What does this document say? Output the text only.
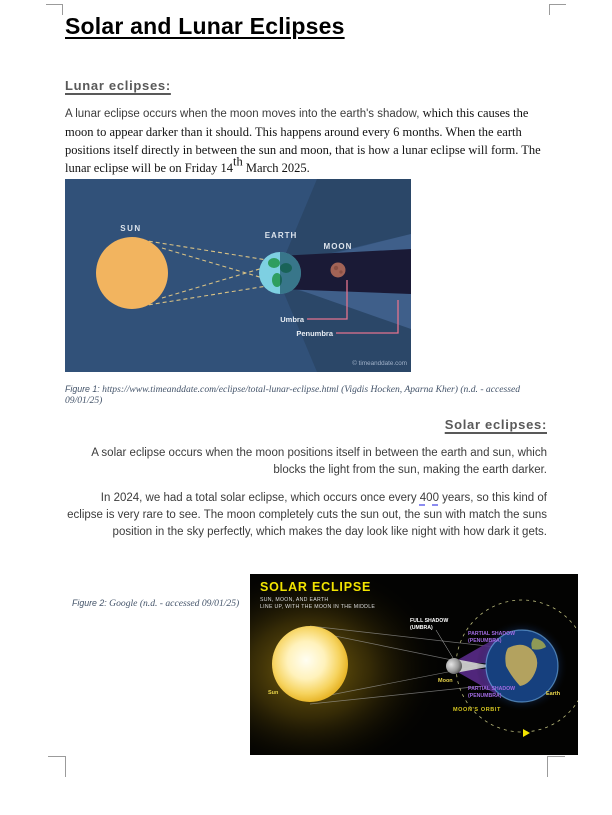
Solar and Lunar Eclipses
Lunar eclipses:
A lunar eclipse occurs when the moon moves into the earth's shadow, which this causes the moon to appear darker than it should. This happens around every 6 months. When the earth positions itself directly in between the sun and moon, that is how a lunar eclipse will form. The lunar eclipse will be on Friday 14th March 2025.
SUN
EARTH
MOON
Umbra
Penumbra
© timeanddate.com
Figure 1: https://www.timeanddate.com/eclipse/total-lunar-eclipse.html (Vigdis Hocken, Aparna Kher) (n.d. - accessed 09/01/25)
Solar eclipses:
A solar eclipse occurs when the moon positions itself in between the earth and sun, which blocks the light from the sun, making the earth darker.
In 2024, we had a total solar eclipse, which occurs once every 400 years, so this kind of eclipse is very rare to see. The moon completely cuts the sun out, the sun with match the suns position in the sky perfectly, which makes the day look like night with how dark it gets.
Figure 2: Google (n.d. - accessed 09/01/25)
SOLAR ECLIPSE
SUN, MOON, AND EARTH
LINE UP, WITH THE MOON IN THE MIDDLE
FULL SHADOW
(UMBRA)
PARTIAL SHADOW
(PENUMBRA)
PARTIAL SHADOW
(PENUMBRA)
Sun
Moon
Earth
MOON'S ORBIT
